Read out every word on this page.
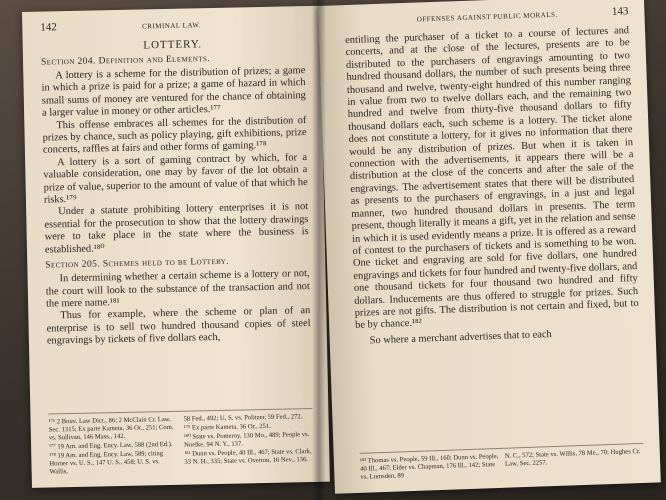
142	CRIMINAL LAW.
LOTTERY.
Section 204. Definition and Elements.

A lottery is a scheme for the distribution of prizes; a game in which a prize is paid for a prize; a game of hazard in which small sums of money are ventured for the chance of obtaining a larger value in money or other articles.¹⁷⁷

This offense embraces all schemes for the distribution of prizes by chance, such as policy playing, gift exhibitions, prize concerts, raffles at fairs and other forms of gaming.¹⁷⁸

A lottery is a sort of gaming contract by which, for a valuable consideration, one may by favor of the lot obtain a prize of value, superior to the amount of value of that which he risks.¹⁷⁹

Under a statute prohibiting lottery enterprises it is not essential for the prosecution to show that the lottery drawings were to take place in the state where the business is established.¹⁸⁰

Section 205. Schemes held to be Lottery.

In determining whether a certain scheme is a lottery or not, the court will look to the substance of the transaction and not the mere name.¹⁸¹

Thus for example, where the scheme or plan of an enterprise is to sell two hundred thousand copies of steel engravings by tickets of five dollars each,

¹⁷⁶ 2 Bouv. Law Dict., 86; 2 McClain Cr. Law, Sec. 1315; Ex parte Kameta, 36 Or., 251; Com. vs. Sullivan, 146 Mass., 142.

¹⁷⁷ 19 Am. and Eng. Ency. Law, 588 (2nd Ed.).

¹⁷⁸ 19 Am. and Eng. Ency. Law, 589; citing Horner vs. U. S., 147 U. S., 458; U. S. vs. Wallis,

58 Fed., 492; U. S. vs. Politzer, 59 Fed., 272.

¹⁷⁹ Ex parte Kameta, 36 Or., 251.

¹⁸⁰ State vs. Pomeroy, 130 Mo., 489; People vs. Noelke, 94 N. Y., 137.

¹⁸¹ Dunn vs. People, 40 Ill., 467; State vs. Clark, 33 N. H., 335; State vs. Overton, 16 Nev., 136.

OFFENSES AGAINST PUBLIC MORALS.	143

entitling the purchaser of a ticket to a course of lectures and concerts, and at the close of the lectures, presents are to be distributed to the purchasers of engravings amounting to two hundred thousand dollars, the number of such presents being three thousand and twelve, twenty-eight hundred of this number ranging in value from two to twelve dollars each, and the remaining two hundred and twelve from thirty-five thousand dollars to fifty thousand dollars each, such scheme is a lottery. The ticket alone does not constitute a lottery, for it gives no information that there would be any distribution of prizes. But when it is taken in connection with the advertisements, it appears there will be a distribution at the close of the concerts and after the sale of the engravings. The advertisement states that there will be distributed as presents to the purchasers of engravings, in a just and legal manner, two hundred thousand dollars in presents. The term present, though literally it means a gift, yet in the relation and sense in which it is used evidently means a prize. It is offered as a reward of contest to the purchasers of tickets and is something to be won. One ticket and engraving are sold for five dollars, one hundred engravings and tickets for four hundred and twenty-five dollars, and one thousand tickets for four thousand two hundred and fifty dollars. Inducements are thus offered to struggle for prizes. Such prizes are not gifts. The distribution is not certain and fixed, but to be by chance.¹⁸²

So where a merchant advertises that to each

¹⁸² Thomas vs. People, 59 Ill., 160; Dunn vs. People, 40 Ill., 467; Elder vs. Chapman, 176 Ill., 142; State vs. Lumsden, 89

N. C., 572; State vs. Willis, 78 Me., 70; Hughes Cr. Law, Sec. 2257.
